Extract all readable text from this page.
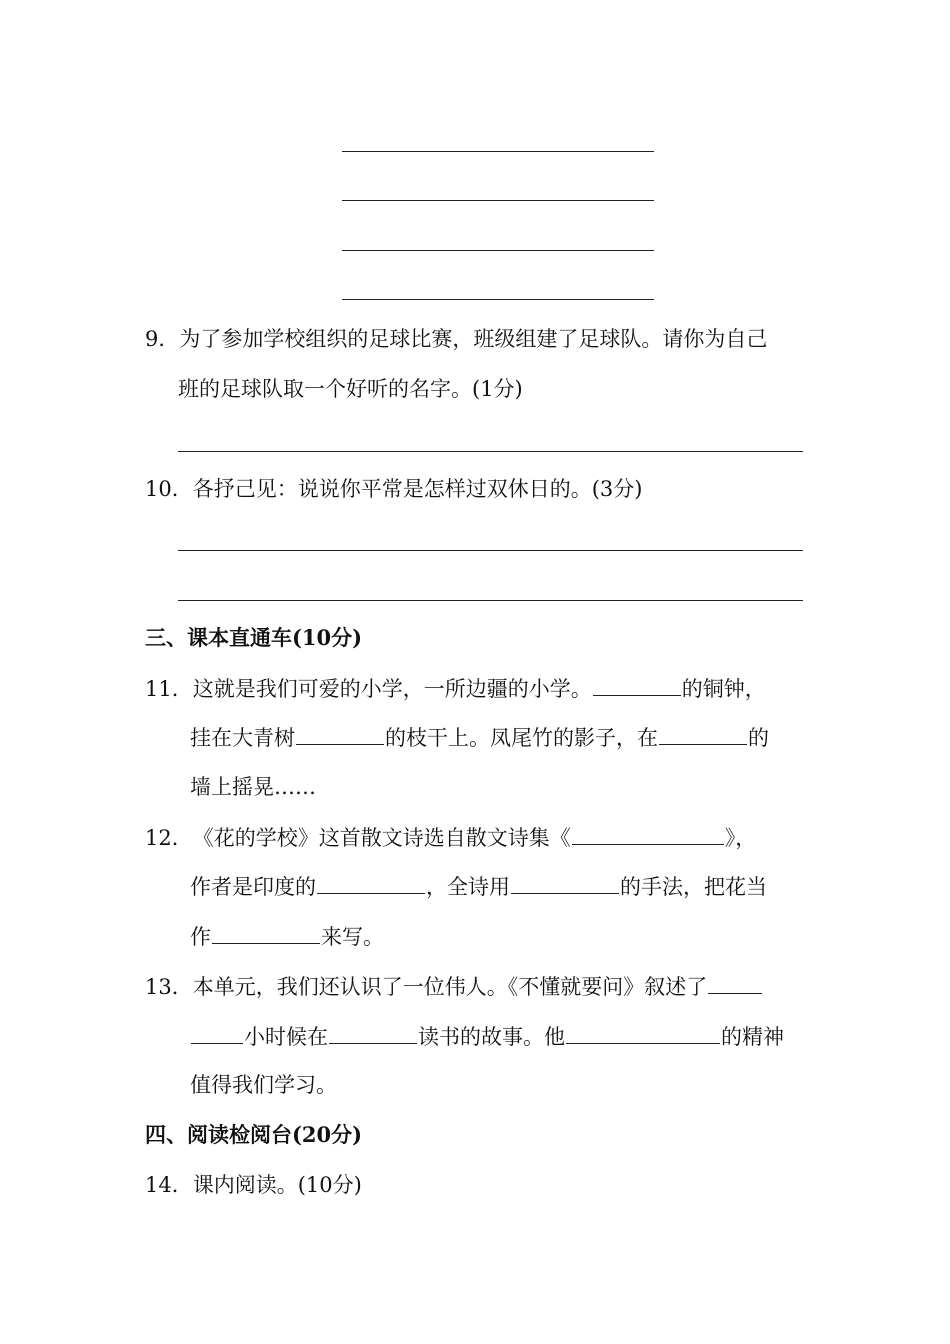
9．为了参加学校组织的足球比赛，班级组建了足球队。请你为自己
班的足球队取一个好听的名字。(1分)
10．各抒己见：说说你平常是怎样过双休日的。(3分)
三、课本直通车(10分)
11．这就是我们可爱的小学，一所边疆的小学。	的铜钟，
挂在大青树	的枝干上。凤尾竹的影子，在	的
墙上摇晃……
12．《花的学校》这首散文诗选自散文诗集《	》，
作者是印度的	，全诗用	的手法，把花当
作	来写。
13．本单元，我们还认识了一位伟人。《不懂就要问》叙述了
小时候在	读书的故事。他	的精神
值得我们学习。
四、阅读检阅台(20分)
14．课内阅读。(10分)
